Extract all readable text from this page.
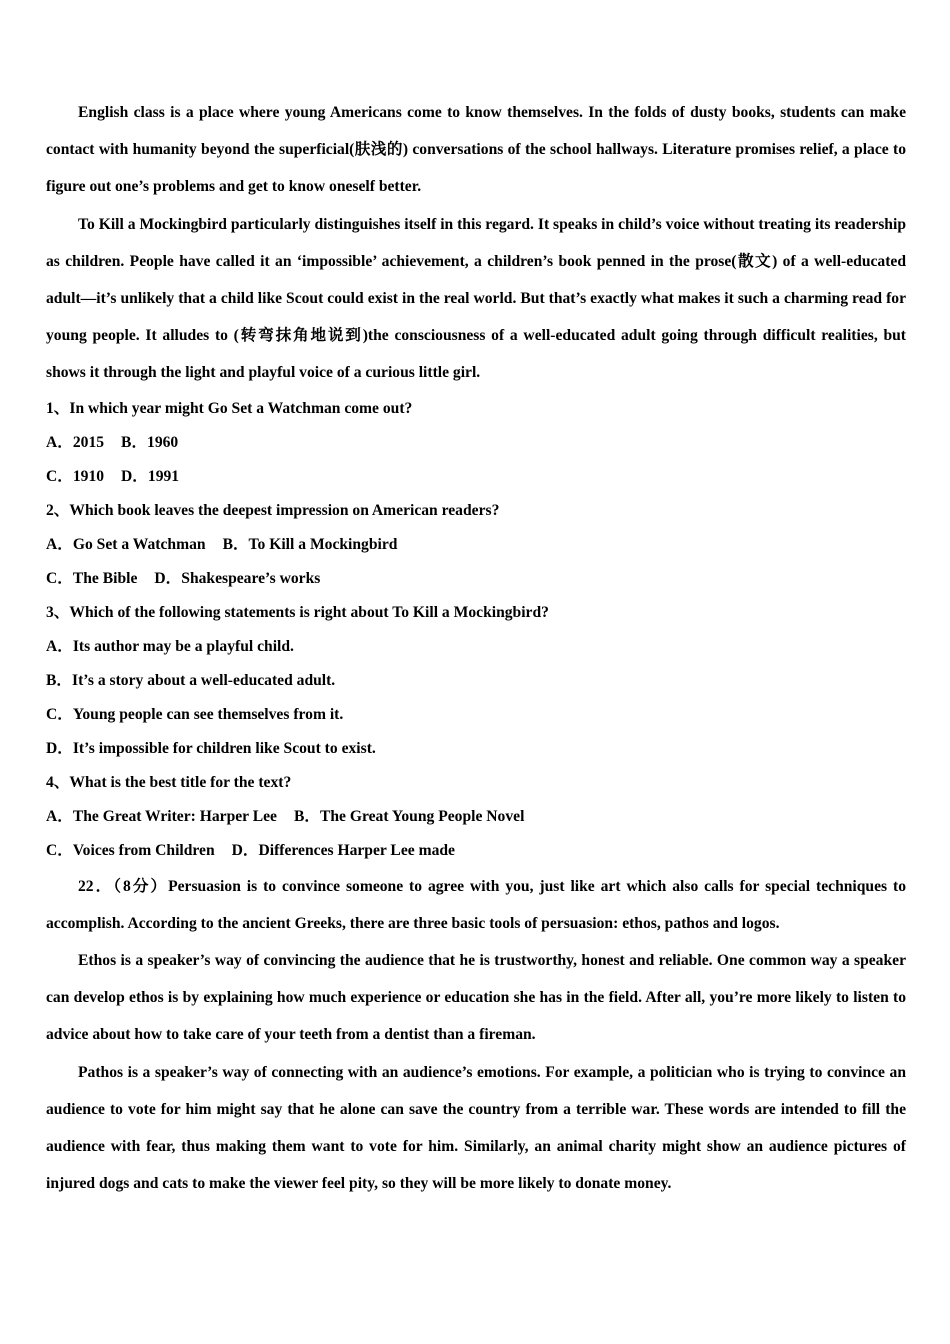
English class is a place where young Americans come to know themselves. In the folds of dusty books, students can make contact with humanity beyond the superficial(肤浅的) conversations of the school hallways. Literature promises relief, a place to figure out one’s problems and get to know oneself better.

To Kill a Mockingbird particularly distinguishes itself in this regard. It speaks in child’s voice without treating its readership as children. People have called it an ‘impossible’ achievement, a children’s book penned in the prose(散文) of a well-educated adult—it’s unlikely that a child like Scout could exist in the real world. But that’s exactly what makes it such a charming read for young people. It alludes to (转弯抹角地说到)the consciousness of a well-educated adult going through difficult realities, but shows it through the light and playful voice of a curious little girl.

1、In which year might Go Set a Watchman come out?

A．2015 B．1960

C．1910 D．1991

2、Which book leaves the deepest impression on American readers?

A．Go Set a Watchman B．To Kill a Mockingbird

C．The Bible D．Shakespeare’s works

3、Which of the following statements is right about To Kill a Mockingbird?

A．Its author may be a playful child.

B．It’s a story about a well-educated adult.

C．Young people can see themselves from it.

D．It’s impossible for children like Scout to exist.

4、What is the best title for the text?

A．The Great Writer: Harper Lee B．The Great Young People Novel

C．Voices from Children D．Differences Harper Lee made

22．（8分）Persuasion is to convince someone to agree with you, just like art which also calls for special techniques to accomplish. According to the ancient Greeks, there are three basic tools of persuasion: ethos, pathos and logos.

Ethos is a speaker’s way of convincing the audience that he is trustworthy, honest and reliable. One common way a speaker can develop ethos is by explaining how much experience or education she has in the field. After all, you’re more likely to listen to advice about how to take care of your teeth from a dentist than a fireman.

Pathos is a speaker’s way of connecting with an audience’s emotions. For example, a politician who is trying to convince an audience to vote for him might say that he alone can save the country from a terrible war. These words are intended to fill the audience with fear, thus making them want to vote for him. Similarly, an animal charity might show an audience pictures of injured dogs and cats to make the viewer feel pity, so they will be more likely to donate money.
